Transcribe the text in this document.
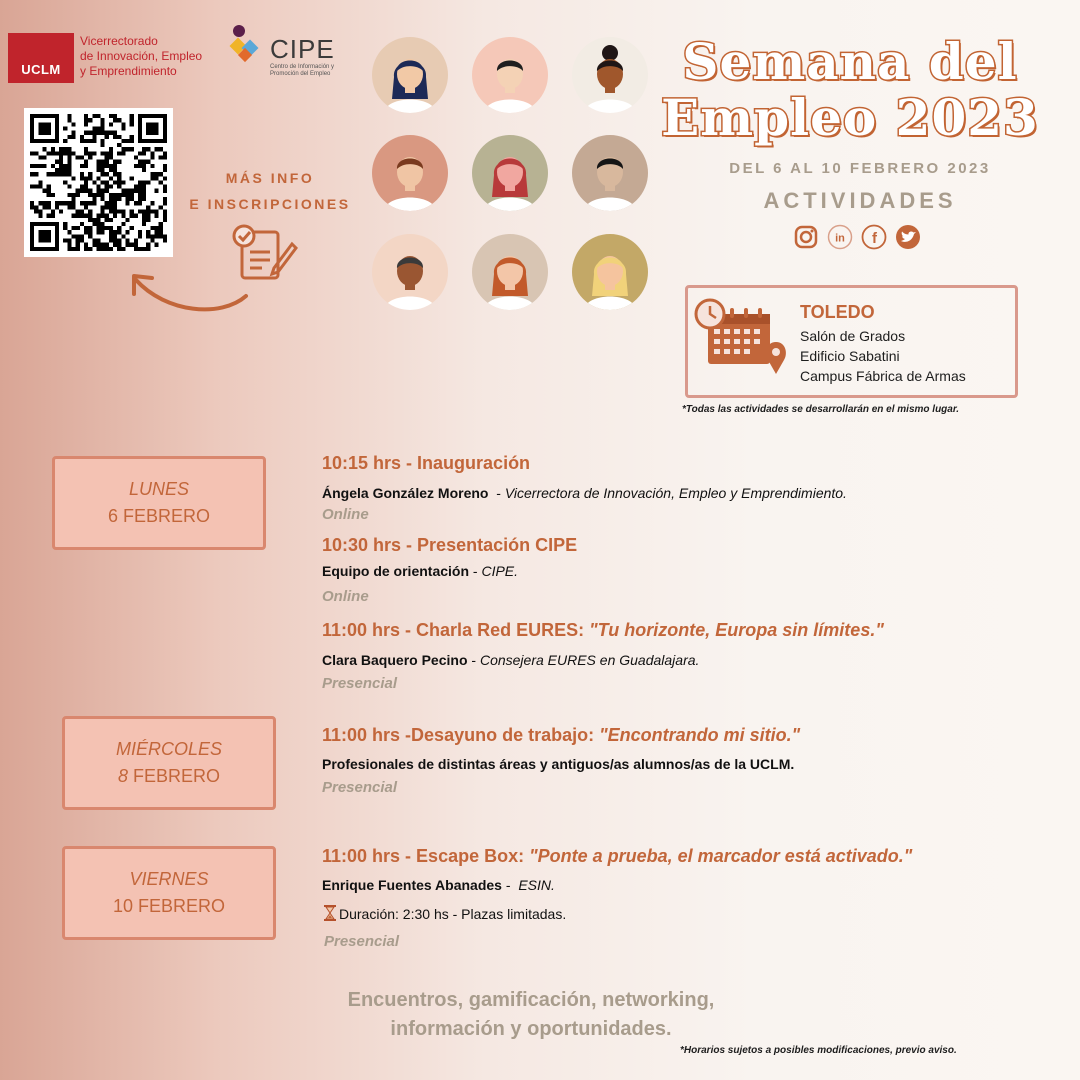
UCLM
Vicerrectorado
de Innovación, Empleo
y Emprendimiento
CIPE
Centro de Información y Promoción del Empleo
MÁS INFO
E INSCRIPCIONES
Semana del
Empleo 2023
DEL 6 AL 10 FEBRERO 2023
ACTIVIDADES
in f
TOLEDO
Salón de Grados
Edificio Sabatini
Campus Fábrica de Armas
*Todas las actividades se desarrollarán en el mismo lugar.
LUNES
6 FEBRERO
MIÉRCOLES
8 FEBRERO
VIERNES
10 FEBRERO
10:15 hrs - Inauguración
Ángela González Moreno  - Vicerrectora de Innovación, Empleo y Emprendimiento.
Online
10:30 hrs - Presentación CIPE
Equipo de orientación - CIPE.
Online
11:00 hrs - Charla Red EURES: "Tu horizonte, Europa sin límites."
Clara Baquero Pecino - Consejera EURES en Guadalajara.
Presencial
11:00 hrs -Desayuno de trabajo: "Encontrando mi sitio."
Profesionales de distintas áreas y antiguos/as alumnos/as de la UCLM.
Presencial
11:00 hrs - Escape Box: "Ponte a prueba, el marcador está activado."
Enrique Fuentes Abanades -  ESIN.
Duración: 2:30 hs - Plazas limitadas.
Presencial
Encuentros, gamificación, networking,
información y oportunidades.
*Horarios sujetos a posibles modificaciones, previo aviso.
